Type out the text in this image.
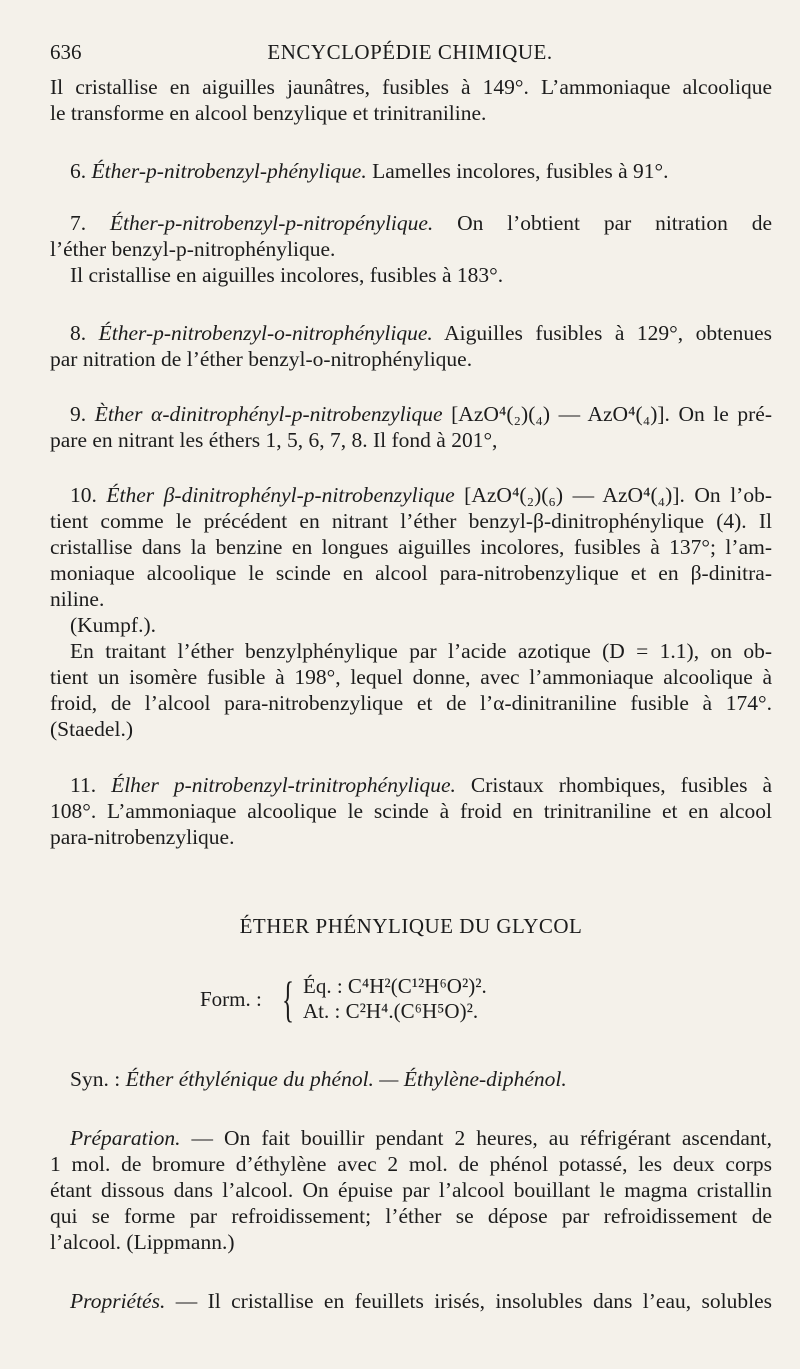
636	ENCYCLOPÉDIE CHIMIQUE.
Il cristallise en aiguilles jaunâtres, fusibles à 149°. L’ammoniaque alcoolique
le transforme en alcool benzylique et trinitraniline.
6. Éther-p-nitrobenzyl-phénylique. Lamelles incolores, fusibles à 91°.
7. Éther-p-nitrobenzyl-p-nitropénylique. On l’obtient par nitration de
l’éther benzyl-p-nitrophénylique.
Il cristallise en aiguilles incolores, fusibles à 183°.
8. Éther-p-nitrobenzyl-o-nitrophénylique. Aiguilles fusibles à 129°, obtenues
par nitration de l’éther benzyl-o-nitrophénylique.
9. Èther α-dinitrophényl-p-nitrobenzylique [AzO⁴(₂)(₄) — AzO⁴(₄)]. On le pré-
pare en nitrant les éthers 1, 5, 6, 7, 8. Il fond à 201°,
10. Éther β-dinitrophényl-p-nitrobenzylique [AzO⁴(₂)(₆) — AzO⁴(₄)]. On l’ob-
tient comme le précédent en nitrant l’éther benzyl-β-dinitrophénylique (4). Il
cristallise dans la benzine en longues aiguilles incolores, fusibles à 137°; l’am-
moniaque alcoolique le scinde en alcool para-nitrobenzylique et en β-dinitra-
niline.
(Kumpf.).
En traitant l’éther benzylphénylique par l’acide azotique (D = 1.1), on ob-
tient un isomère fusible à 198°, lequel donne, avec l’ammoniaque alcoolique à
froid, de l’alcool para-nitrobenzylique et de l’α-dinitraniline fusible à 174°.
(Staedel.)
11. Élher p-nitrobenzyl-trinitrophénylique. Cristaux rhombiques, fusibles à
108°. L’ammoniaque alcoolique le scinde à froid en trinitraniline et en alcool
para-nitrobenzylique.
ÉTHER PHÉNYLIQUE DU GLYCOL
Form. : { Éq. : C⁴H²(C¹²H⁶O²)².
At. : C²H⁴.(C⁶H⁵O)².
Syn. : Éther éthylénique du phénol. — Éthylène-diphénol.
Préparation. — On fait bouillir pendant 2 heures, au réfrigérant ascendant,
1 mol. de bromure d’éthylène avec 2 mol. de phénol potassé, les deux corps
étant dissous dans l’alcool. On épuise par l’alcool bouillant le magma cristallin
qui se forme par refroidissement; l’éther se dépose par refroidissement de
l’alcool. (Lippmann.)
Propriétés. — Il cristallise en feuillets irisés, insolubles dans l’eau, solubles
